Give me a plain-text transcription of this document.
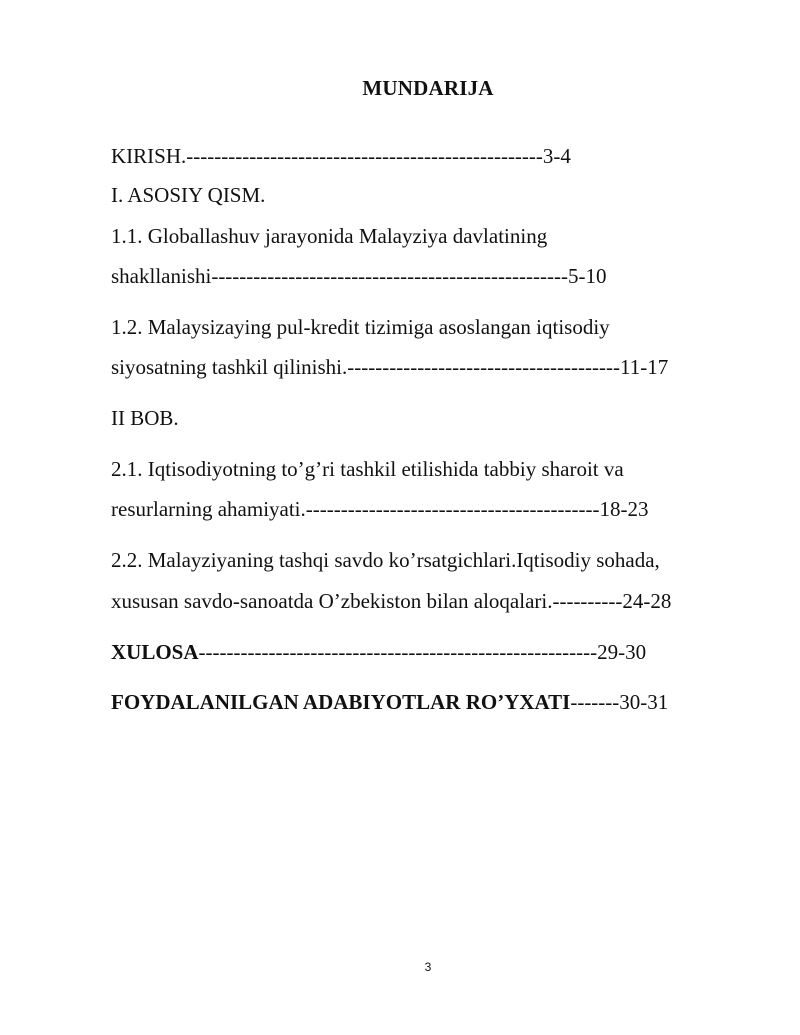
MUNDARIJA
KIRISH.---------------------------------------------------3-4
I. ASOSIY QISM.
1.1. Globallashuv jarayonida Malayziya davlatining
shakllanishi---------------------------------------------------5-10
1.2. Malaysizaying pul-kredit tizimiga asoslangan iqtisodiy
siyosatning tashkil qilinishi.---------------------------------------11-17
II BOB.
2.1. Iqtisodiyotning to’g’ri tashkil etilishida tabbiy sharoit va
resurlarning ahamiyati.------------------------------------------18-23
2.2. Malayziyaning tashqi savdo ko’rsatgichlari.Iqtisodiy sohada,
xususan savdo-sanoatda O’zbekiston bilan aloqalari.----------24-28
XULOSA---------------------------------------------------------29-30
FOYDALANILGAN ADABIYOTLAR RO’YXATI-------30-31
3
